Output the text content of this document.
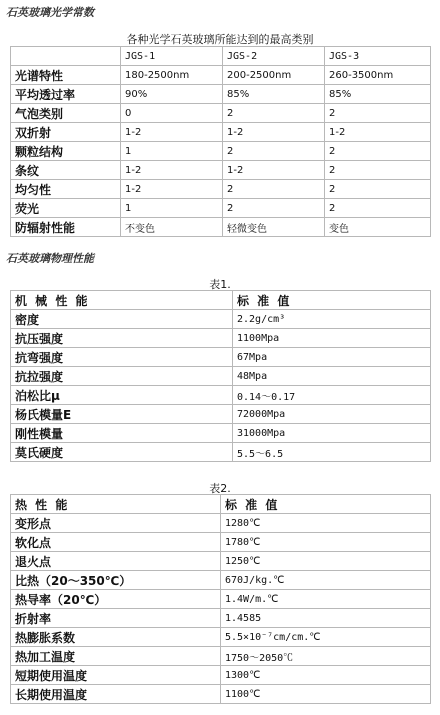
石英玻璃光学常数
各种光学石英玻璃所能达到的最高类别
	JGS-1	JGS-2	JGS-3
光谱特性	180-2500nm	200-2500nm	260-3500nm
平均透过率	90%	85%	85%
气泡类别	0	2	2
双折射	1-2	1-2	1-2
颗粒结构	1	2	2
条纹	1-2	1-2	2
均匀性	1-2	2	2
荧光	1	2	2
防辐射性能	不变色	轻微变色	变色
石英玻璃物理性能
表1.
机 械 性 能	标 准 值
密度	2.2g/cm³
抗压强度	1100Mpa
抗弯强度	67Mpa
抗拉强度	48Mpa
泊松比μ	0.14～0.17
杨氏模量E	72000Mpa
刚性模量	31000Mpa
莫氏硬度	5.5～6.5
表2.
热 性 能	标 准 值
变形点	1280℃
软化点	1780℃
退火点	1250℃
比热（20～350℃）	670J/kg.℃
热导率（20℃）	1.4W/m.℃
折射率	1.4585
热膨胀系数	5.5×10⁻⁷cm/cm.℃
热加工温度	1750～2050℃
短期使用温度	1300℃
长期使用温度	1100℃
